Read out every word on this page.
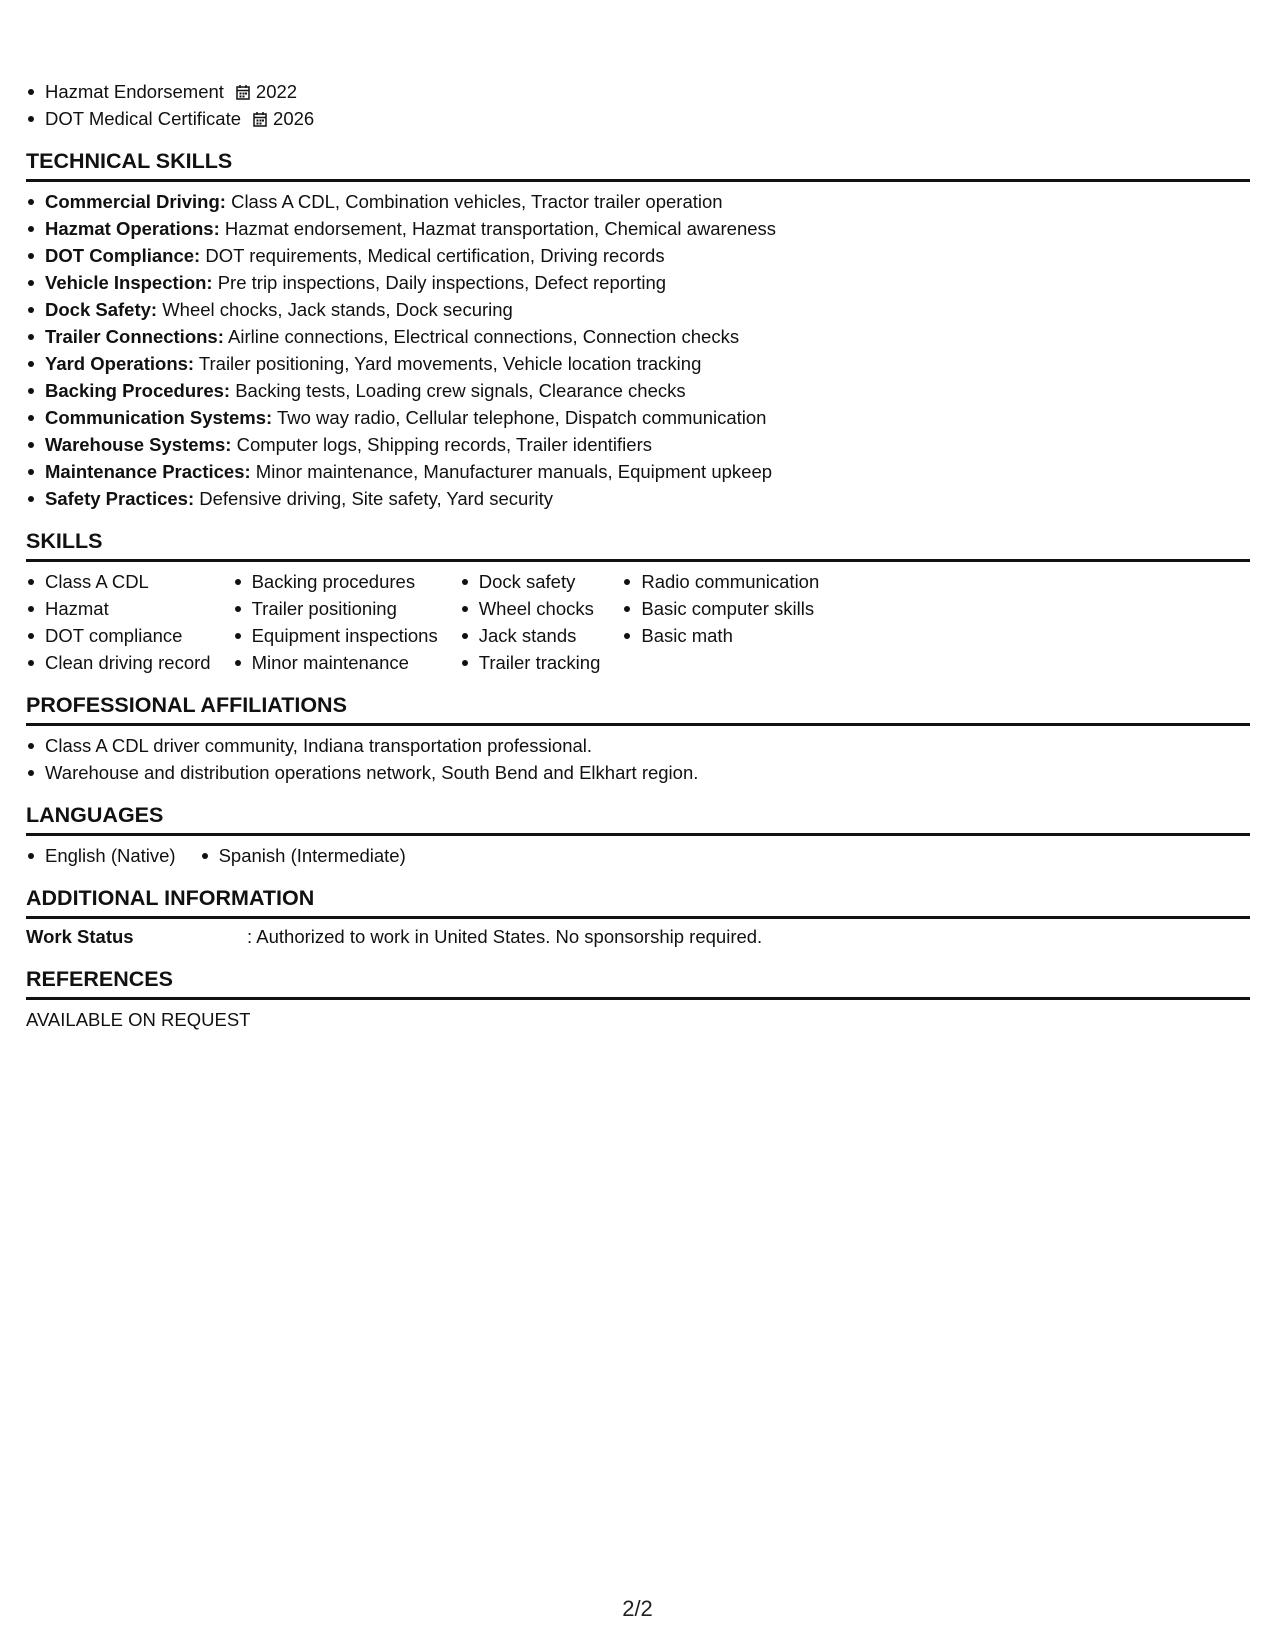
Hazmat Endorsement 2022
DOT Medical Certificate 2026
TECHNICAL SKILLS
Commercial Driving: Class A CDL, Combination vehicles, Tractor trailer operation
Hazmat Operations: Hazmat endorsement, Hazmat transportation, Chemical awareness
DOT Compliance: DOT requirements, Medical certification, Driving records
Vehicle Inspection: Pre trip inspections, Daily inspections, Defect reporting
Dock Safety: Wheel chocks, Jack stands, Dock securing
Trailer Connections: Airline connections, Electrical connections, Connection checks
Yard Operations: Trailer positioning, Yard movements, Vehicle location tracking
Backing Procedures: Backing tests, Loading crew signals, Clearance checks
Communication Systems: Two way radio, Cellular telephone, Dispatch communication
Warehouse Systems: Computer logs, Shipping records, Trailer identifiers
Maintenance Practices: Minor maintenance, Manufacturer manuals, Equipment upkeep
Safety Practices: Defensive driving, Site safety, Yard security
SKILLS
Class A CDL
Hazmat
DOT compliance
Clean driving record
Backing procedures
Trailer positioning
Equipment inspections
Minor maintenance
Dock safety
Wheel chocks
Jack stands
Trailer tracking
Radio communication
Basic computer skills
Basic math
PROFESSIONAL AFFILIATIONS
Class A CDL driver community, Indiana transportation professional.
Warehouse and distribution operations network, South Bend and Elkhart region.
LANGUAGES
English (Native)	Spanish (Intermediate)
ADDITIONAL INFORMATION
Work Status	: Authorized to work in United States. No sponsorship required.
REFERENCES
AVAILABLE ON REQUEST
2/2
